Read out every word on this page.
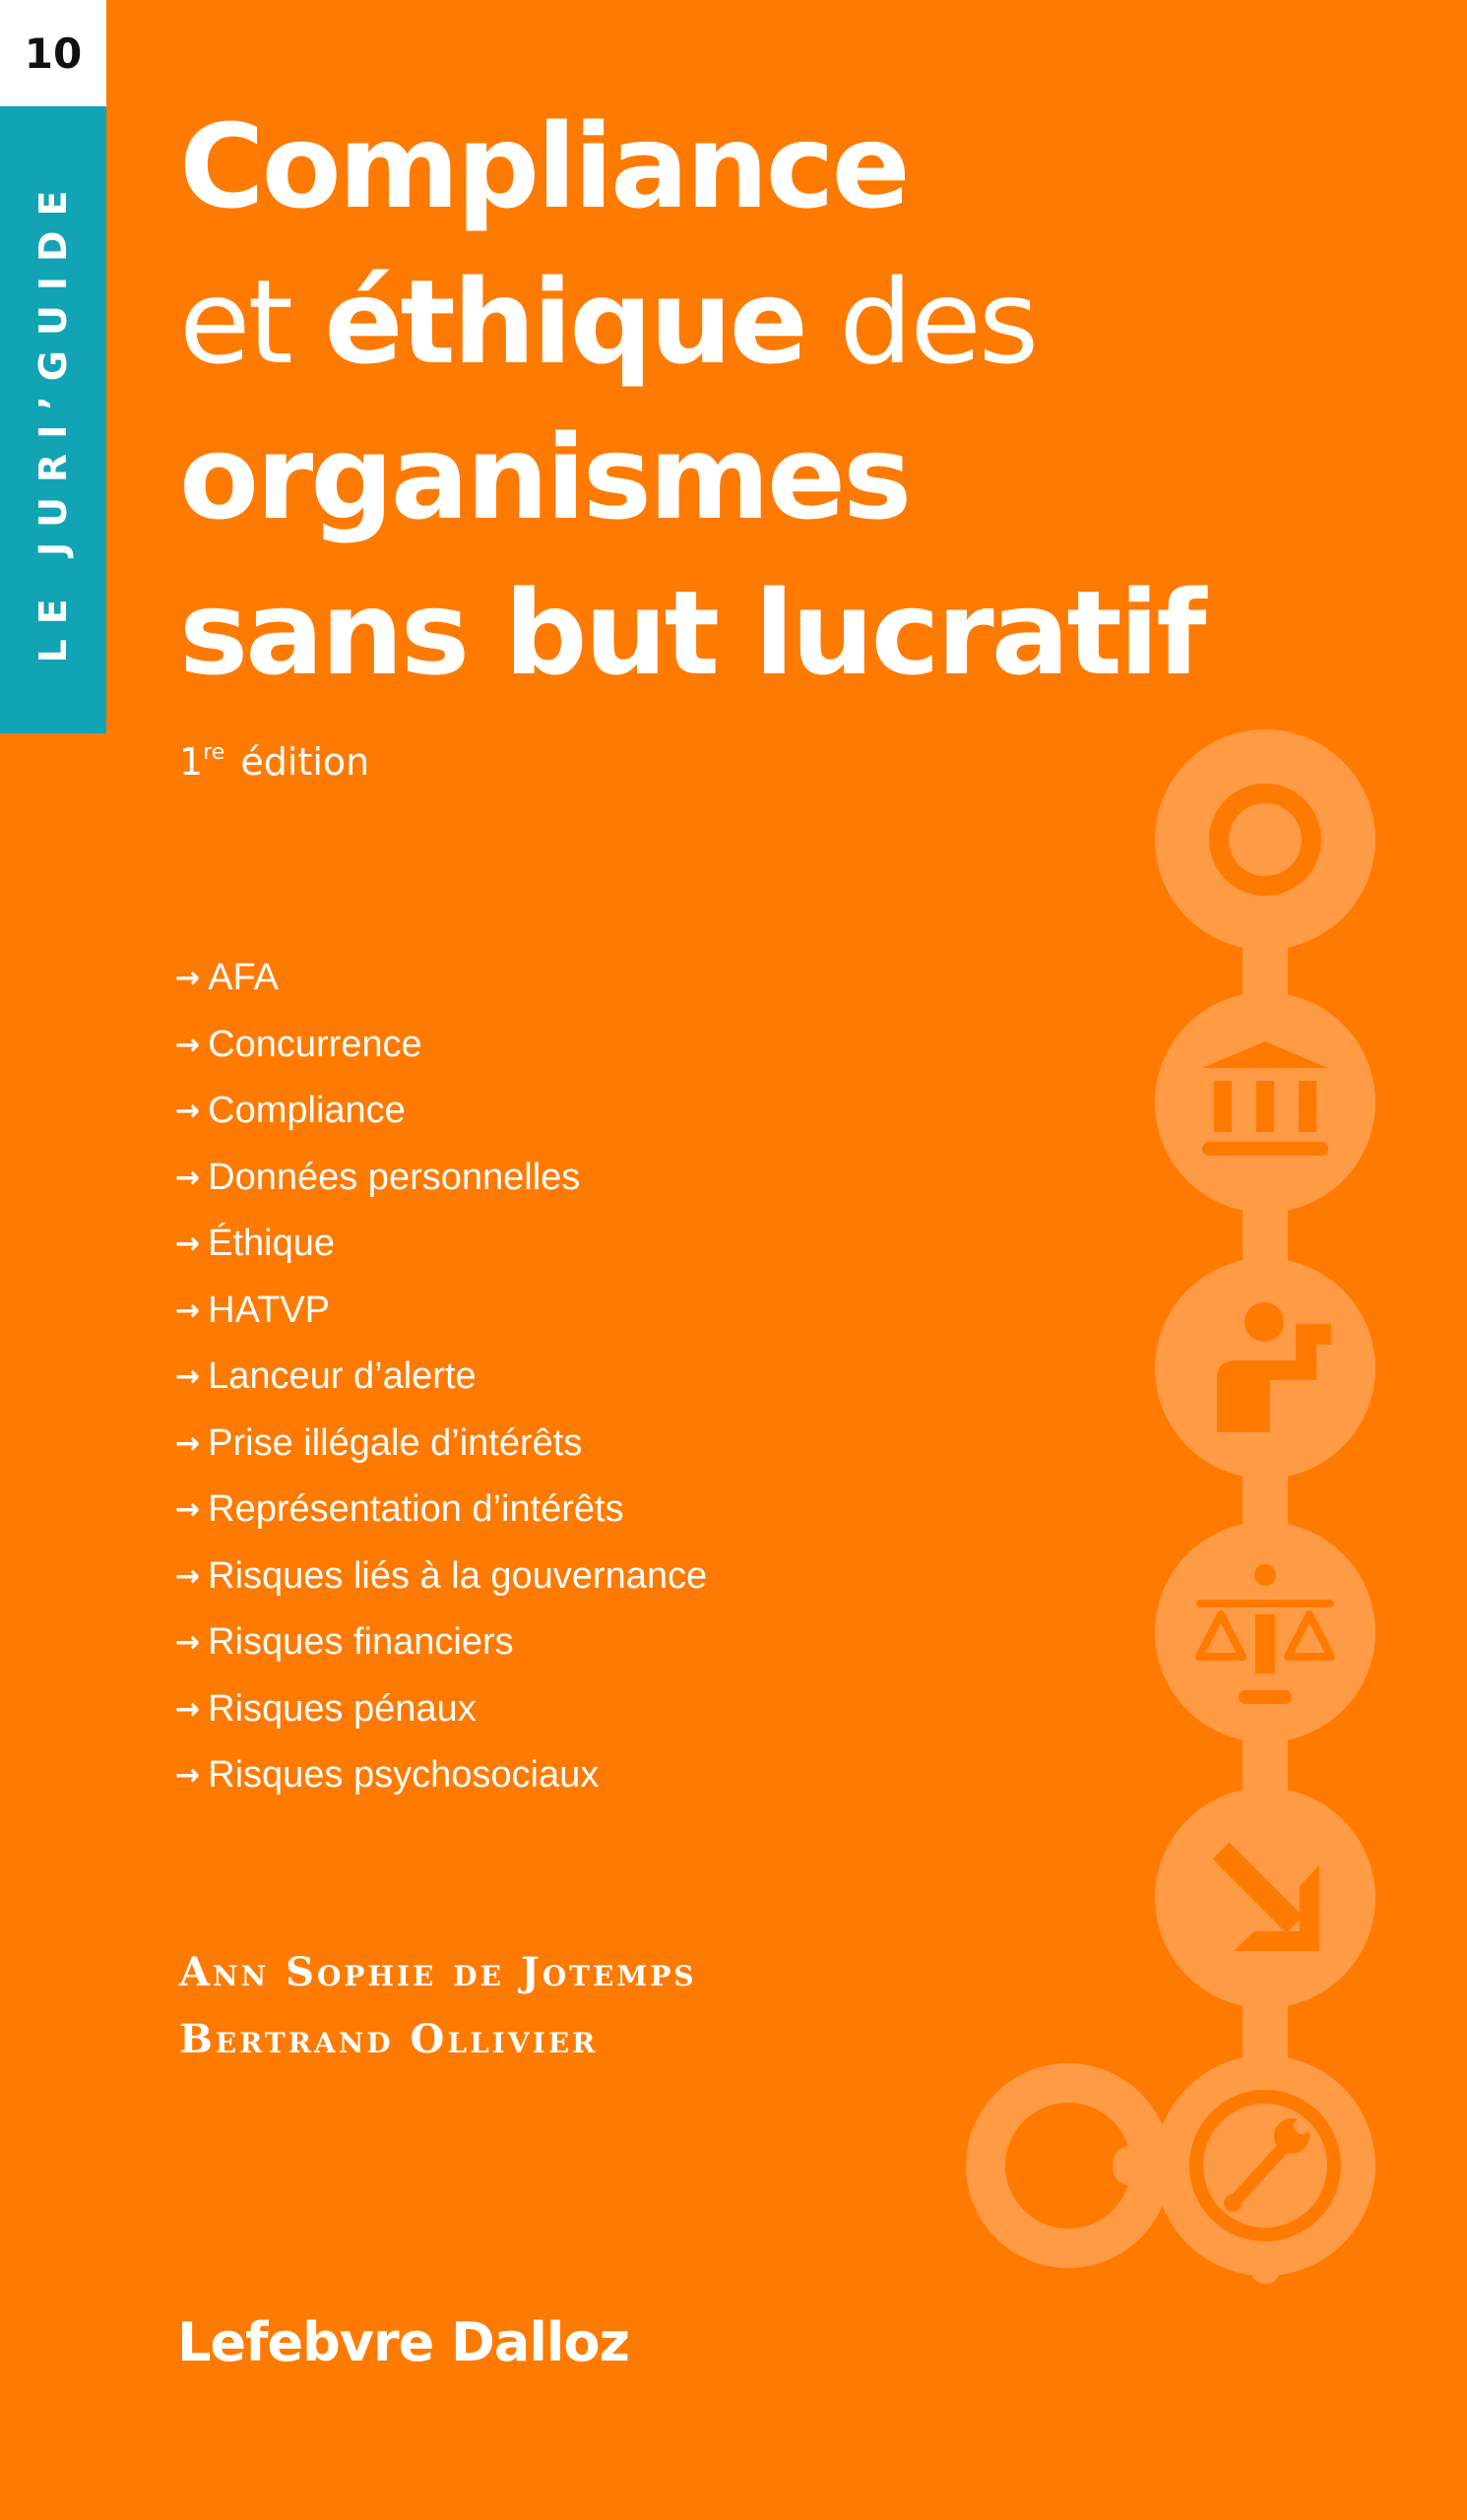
10
LE JURI’GUIDE
Compliance
et éthique des
organismes
sans but lucratif
1re édition
→ AFA
→ Concurrence
→ Compliance
→ Données personnelles
→ Éthique
→ HATVP
→ Lanceur d’alerte
→ Prise illégale d’intérêts
→ Représentation d’intérêts
→ Risques liés à la gouvernance
→ Risques financiers
→ Risques pénaux
→ Risques psychosociaux
Ann Sophie de Jotemps
Bertrand Ollivier
Lefebvre Dalloz
